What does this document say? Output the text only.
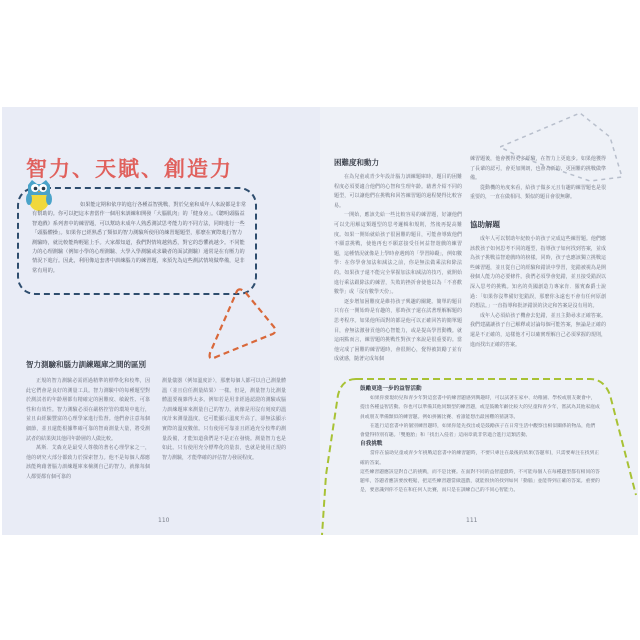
智力、天賦、創造力
如果能定期和依序的進行各種益智挑戰，對於兒童和成年人來說都是非常有幫助的。你可以把這本書當作一個用來訓練和開發「大腦肌肉」的「健身房」。《聰明頭腦益智遊戲》系列書中的練習題，可以幫助未成年人熟悉測試思考能力的不同方法，同時進行一些「頭腦體操」。如果你已經熟悉了類似的智力測驗所使用的練習題題型，那麼在實際進行智力測驗時，就比較能夠輕鬆上手。大家都知道，我們對情境越熟悉，對它的恐懼就越少。不同能力的心理測驗（例如小學的心理測驗、大學入學測驗或求職者的面試測驗）通常是在有壓力的情況下進行。因此，利用像這套書中訓練腦力的練習題，來預先為這些測試情境做準備，是非常有用的。
智力測驗和腦力訓練題庫之間的區別

正規的智力測驗必需經過精準的標準化和校準，因此它們會是良好的測量工具。智力測驗中的每種題型對於測試者的年齡層都有精確定的困難度、敏銳性、可靠性和有效性。智力測驗必須在嚴格控管的環境中進行，並且由經驗豐富的心理學家進行監督。他們會注意每個細節，並且還能根據準確可靠的智商測量大量，將受測試者的結果與其他同年齡層的人做比較。

萬斯．艾森克是最受人尊敬的著名心理學家之一，他的研究大部分都致力於探索智力。他不是每個人都應該能夠藉著腦力訓練題庫來檢測自己的智力，就像每個人都要都有個可靠的

測量儀器（例如溫度計），那麼每個人都可以自己測量體溫（並且信任測量結果）一樣。但是，測量智力比測量體溫要複雜得太多。例如若是用非經過認證的測驗或腦力訓練題庫來測量自己的智力，就像是用沒有刻度的溫度計來測量溫度，它可能顯示溫度升高了，卻無法顯示實際的溫度數值。只有使用可靠並且經過充分校準的測量設備，才能知道我們是不是正在發燒。測量智力也是如此。只有使用充分標準化的量表，也就是使用正規的智力測驗，才能準確的評估智力發展程度。

110
困難度和動力

在為兒童或青少年設計腦力訓練題庫時，題目的困難程度必須要適合他們的心智和生理年齡。藉著介紹不同的題型，可以讓他們在挑戰和回答練習題的過程變得比較容易。

一開始，應該先給一些比較容易的練習題，好讓他們可以先用解這類題型的思考邏輯和規則，然後再提高難度。如果一開始就給孩子很困難的題目，可能會導致他們不願意挑戰，使他再也不願意接受任何益智遊戲的練習題，這種情況就像是上學時會遇到的「學習障礙」，例如數學：在你學會加法和減法之前，你是無法做乘法和除法的。如果孩子還不能完全掌握加法和減法的技巧，就開始進行乘法跟除法的練習，失敗的挫折會使他以為「不喜歡數學」或「沒有數學天份」。

逐步增加困難度是維持孩子興趣的關鍵。簡單的題目只有在一開始時是有趣的，那時孩子還在試著理解解題的思考程序。如果他所面對的都是他可以正確回答的簡單題目，會無法激發貢他的心智能力，或是提高學習動機。就這兩點而言，練習題的挑戰性對孩子來說是很重要的。當他完成了困難的練習題時，會很開心，覺得被鼓勵了並有成就感，隨著完成每個

練習題後，他會獲得更多經驗，在智力上更進步。如果他獲得了長輩的認可，會更加開朗，也會為新的、更困難的挑戰做準備。

從動機的角度來看，給孩子做多元且有趣的練習題也是很重要的，一直在做相同、類似的題目會很無聊。

協助解題

成年人可以幫助年紀較小的孩子完成這些練習題。他們應該教孩子如何思考不同的題型，指導孩子如何找到答案，並成為孩子挑戰益智遊戲時的榜樣。同時，孩子也應該獨立挑戰這些練習題，並且從自己的經驗和錯誤中學習，犯錯被視為是開發個人能力的必要條件。我們必須學會犯錯，並且接受錯誤以深入思考的挑戰。知名的英國創造力專家肯．羅賓森爵士說過：「如果你沒準備好犯錯誤，那麼你永遠也不會有任何原創的想法。」一直指導和批評錯誤的決定和答案是沒有用的。

成年人必須給孩子機會去犯錯，並且主動尋求正確答案。我們建議讓孩子自己解釋或討論每個可能答案，無論是正確的還是不正確的，這樣他才可以確實理解自己必須掌握的規則，進而找出正確的答案。

鼓勵更進一步的益智活動

如果你發現幼兒和青少年對這套書中的練習題感到興趣時，可以試著在家中、幼稚園、學校或朋友聚會中，提出各種益智活動。你也可以準備其他同類型的練習題，或是鼓勵年齡比較大的兒童和青少年，嘗試為其他家庭成員或朋友準備類似的練習題。例如拼圖比賽、看誰能想出最困難的猜謎等。

在進行這套書中的個別練習題時，如果你能先找出或是鼓勵孩子在日常生活中觀察出相似關係的物品，他們會覺得特別有趣。「雙胞胎」和「找出入侵者」這兩章就非常適合進行這類活動。

自我挑戰

當你在協助兒童或青少年挑戰這套書中的練習題時，不要只專注在最後的結果(答題率)，只需要專注在找到正確的答案。

這些練習題應該是對自己的挑戰，而不是比賽。在面對不同的益智遊戲時，不可能每個人在每種題型都有相同的答題率，答題者應該要放輕鬆，把這些練習題當做遊戲，就能很快的找到如何「動腦」並能得到正確的答案。重要的是，要意識到你不是在和任何人比賽，而只是在訓練自己的不同心智能力。

111
